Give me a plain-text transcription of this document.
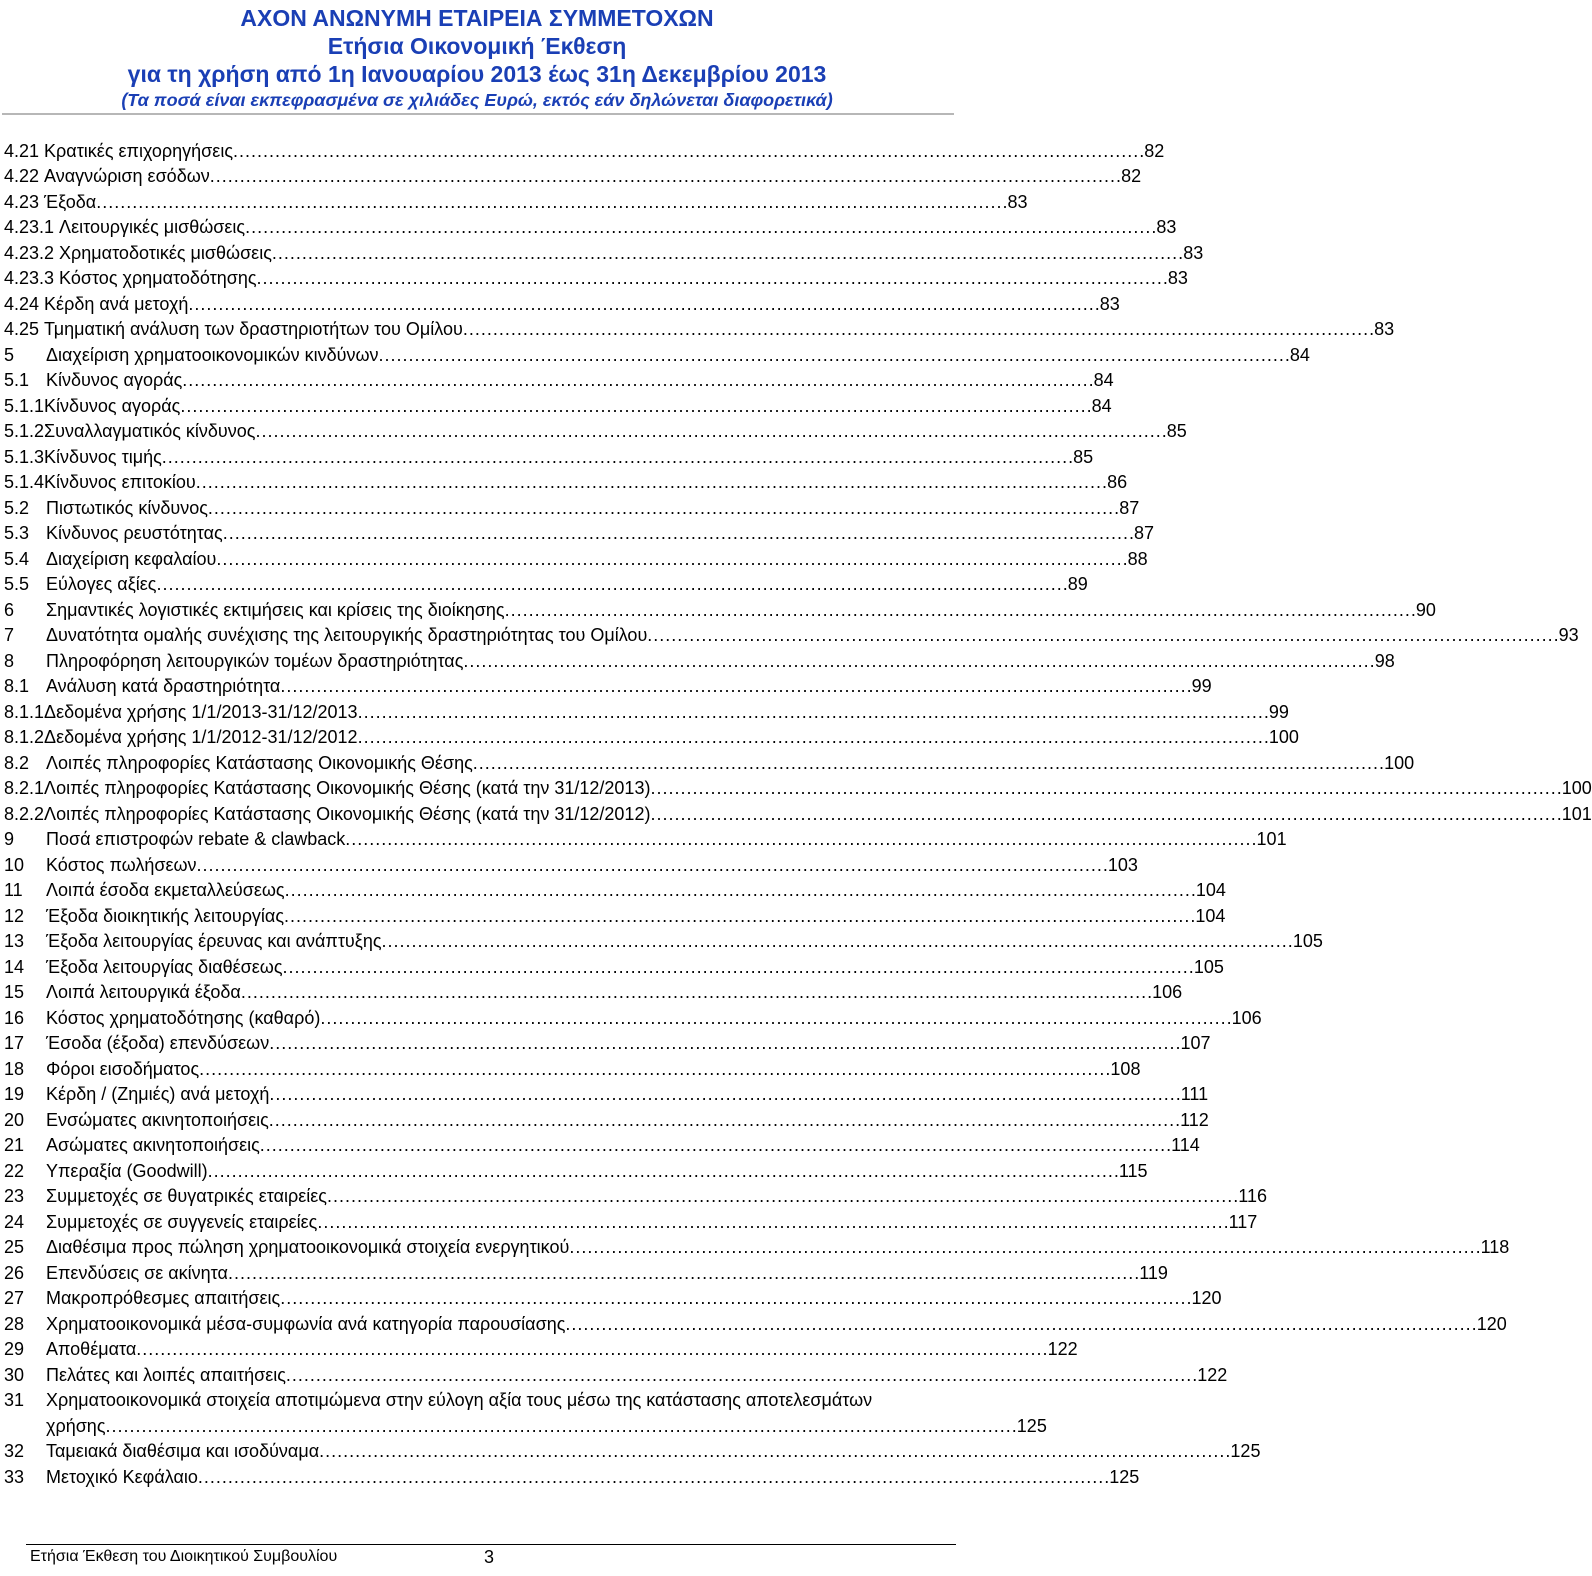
ΑΧΟΝ ΑΝΩΝΥΜΗ ΕΤΑΙΡΕΙΑ ΣΥΜΜΕΤΟΧΩΝ
Ετήσια Οικονομική Έκθεση
για τη χρήση από 1η Ιανουαρίου 2013 έως 31η Δεκεμβρίου 2013
(Τα ποσά είναι εκπεφρασμένα σε χιλιάδες Ευρώ, εκτός εάν δηλώνεται διαφορετικά)
4.21 Κρατικές επιχορηγήσεις . . .	82
4.22 Αναγνώριση εσόδων . . .	82
4.23 Έξοδα . . .	83
4.23.1 Λειτουργικές μισθώσεις . . .	83
4.23.2 Χρηματοδοτικές μισθώσεις . . .	83
4.23.3 Κόστος χρηματοδότησης . . .	83
4.24 Κέρδη ανά μετοχή . . .	83
4.25 Τμηματική ανάλυση των δραστηριοτήτων του Ομίλου . . .	83
5	Διαχείριση χρηματοοικονομικών κινδύνων . . .	84
5.1 Κίνδυνος αγοράς . . .	84
5.1.1 Κίνδυνος αγοράς . . .	84
5.1.2 Συναλλαγματικός κίνδυνος . . .	85
5.1.3 Κίνδυνος τιμής . . .	85
5.1.4 Κίνδυνος επιτοκίου . . .	86
5.2 Πιστωτικός κίνδυνος . . .	87
5.3 Κίνδυνος ρευστότητας . . .	87
5.4 Διαχείριση κεφαλαίου . . .	88
5.5 Εύλογες αξίες . . .	89
6	Σημαντικές λογιστικές εκτιμήσεις και κρίσεις της διοίκησης . . .	90
7	Δυνατότητα ομαλής συνέχισης της λειτουργικής δραστηριότητας του Ομίλου . . .	93
8	Πληροφόρηση λειτουργικών τομέων δραστηριότητας . . .	98
8.1 Ανάλυση κατά δραστηριότητα . . .	99
8.1.1 Δεδομένα χρήσης 1/1/2013-31/12/2013 . . .	99
8.1.2 Δεδομένα χρήσης 1/1/2012-31/12/2012 . . .	100
8.2 Λοιπές πληροφορίες Κατάστασης Οικονομικής Θέσης . . .	100
8.2.1 Λοιπές πληροφορίες Κατάστασης Οικονομικής Θέσης (κατά την 31/12/2013) . . .	100
8.2.2 Λοιπές πληροφορίες Κατάστασης Οικονομικής Θέσης (κατά την 31/12/2012) . . .	101
9	Ποσά επιστροφών rebate & clawback . . .	101
10	Κόστος πωλήσεων . . .	103
11	Λοιπά έσοδα εκμεταλλεύσεως . . .	104
12	Έξοδα διοικητικής λειτουργίας . . .	104
13	Έξοδα λειτουργίας έρευνας και ανάπτυξης . . .	105
14	Έξοδα λειτουργίας διαθέσεως . . .	105
15	Λοιπά λειτουργικά έξοδα . . .	106
16	Κόστος χρηματοδότησης (καθαρό) . . .	106
17	Έσοδα (έξοδα) επενδύσεων . . .	107
18	Φόροι εισοδήματος . . .	108
19	Κέρδη / (Ζημιές) ανά μετοχή . . .	111
20	Ενσώματες ακινητοποιήσεις . . .	112
21	Ασώματες ακινητοποιήσεις . . .	114
22	Υπεραξία (Goodwill) . . .	115
23	Συμμετοχές σε θυγατρικές εταιρείες . . .	116
24	Συμμετοχές σε συγγενείς εταιρείες . . .	117
25	Διαθέσιμα προς πώληση χρηματοοικονομικά στοιχεία ενεργητικού . . .	118
26	Επενδύσεις σε ακίνητα . . .	119
27	Μακροπρόθεσμες απαιτήσεις . . .	120
28	Χρηματοοικονομικά μέσα-συμφωνία ανά κατηγορία παρουσίασης . . .	120
29	Αποθέματα . . .	122
30	Πελάτες και λοιπές απαιτήσεις . . .	122
31	Χρηματοοικονομικά στοιχεία αποτιμώμενα στην εύλογη αξία τους μέσω της κατάστασης αποτελεσμάτων
χρήσης . . .	125
32	Ταμειακά διαθέσιμα και ισοδύναμα . . .	125
33	Μετοχικό Κεφάλαιο . . .	125
Ετήσια Έκθεση του Διοικητικού Συμβουλίου	3
